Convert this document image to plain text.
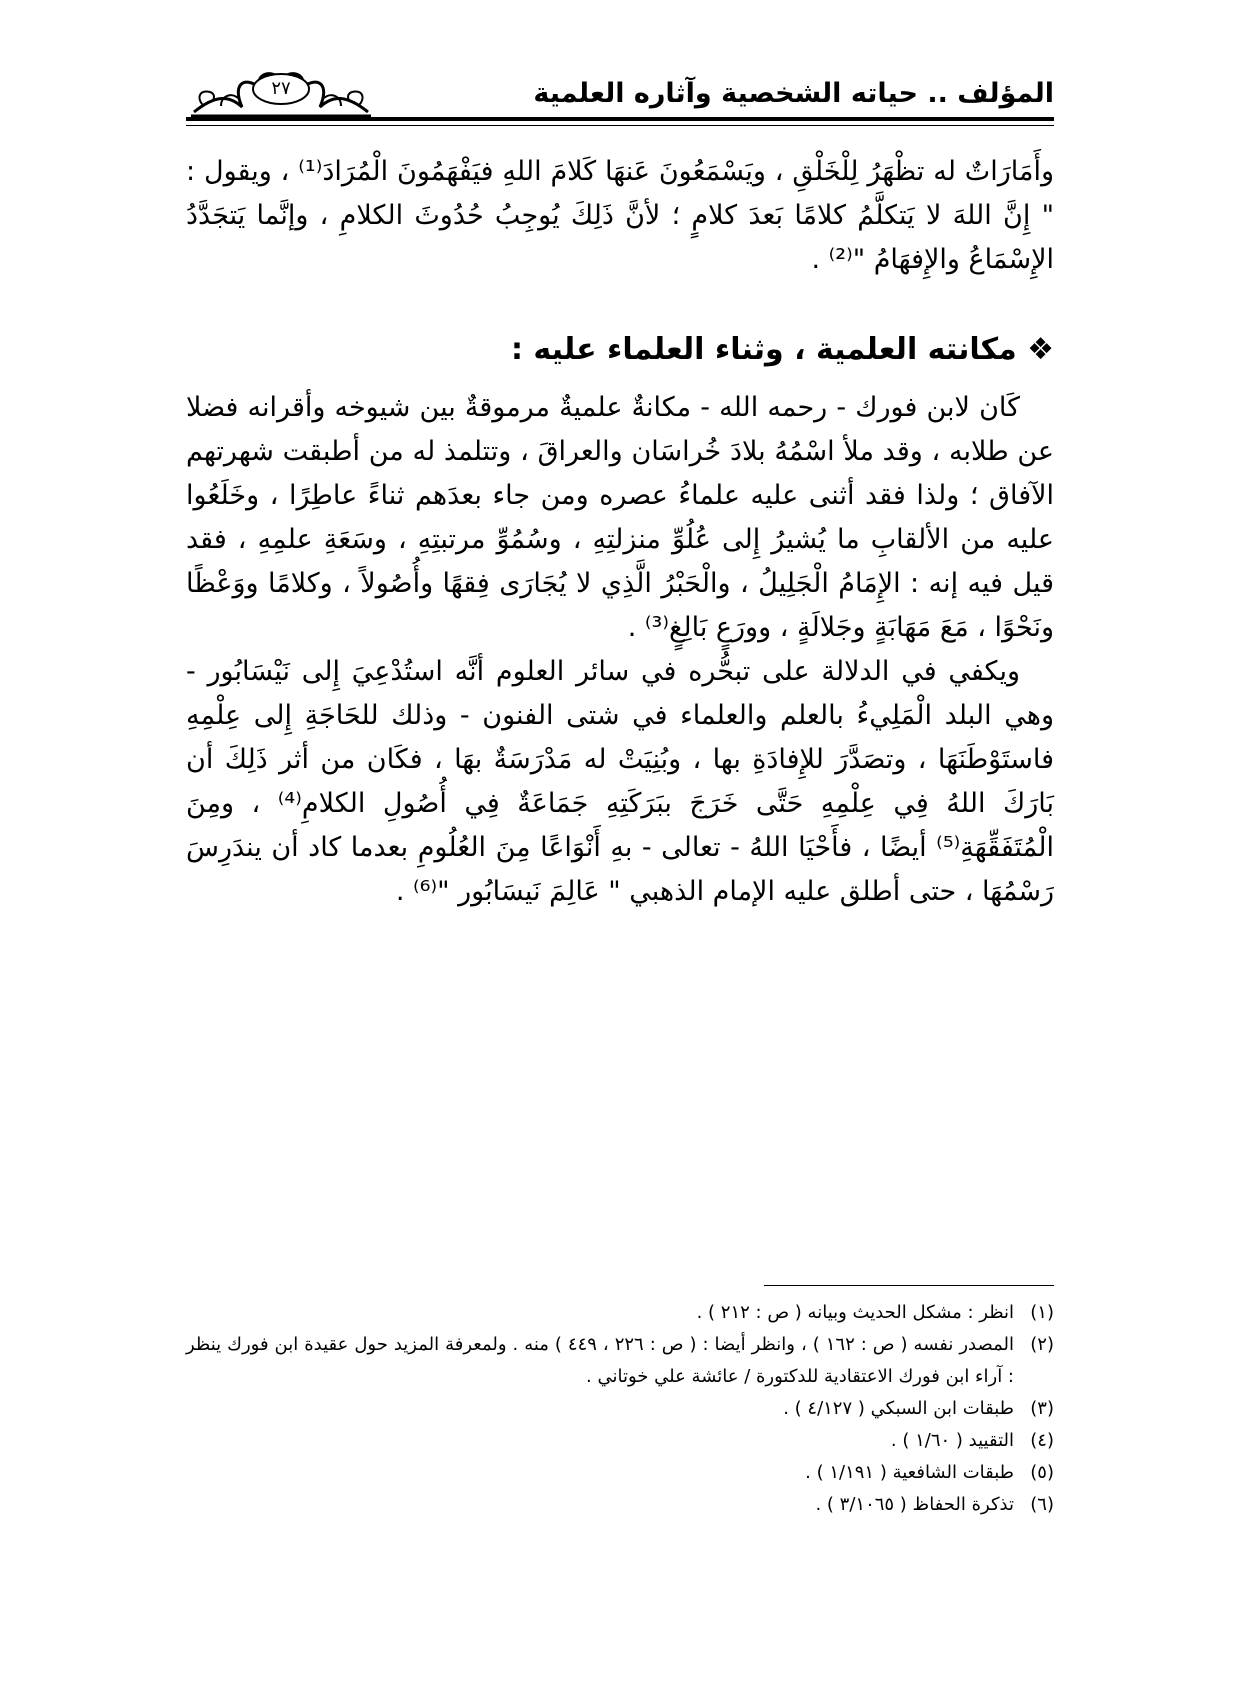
المؤلف .. حياته الشخصية وآثاره العلمية
٢٧

وأَمَارَاتٌ له تظْهَرُ لِلْخَلْقِ ، ويَسْمَعُونَ عَنهَا كَلامَ اللهِ فيَفْهَمُونَ الْمُرَادَ⁽¹⁾ ، ويقول : " إِنَّ اللهَ لا يَتكلَّمُ كلامًا بَعدَ كلامٍ ؛ لأنَّ ذَلِكَ يُوجِبُ حُدُوثَ الكلامِ ، وإنَّما يَتجَدَّدُ الإِسْمَاعُ والإِفهَامُ "⁽²⁾ .

❖ مكانته العلمية ، وثناء العلماء عليه :

كَان لابن فورك - رحمه الله - مكانةٌ علميةٌ مرموقةٌ بين شيوخه وأقرانه فضلا عن طلابه ، وقد ملأ اسْمُهُ بلادَ خُراسَان والعراقَ ، وتتلمذ له من أطبقت شهرتهم الآفاق ؛ ولذا فقد أثنى عليه علماءُ عصره ومن جاء بعدَهم ثناءً عاطِرًا ، وخَلَعُوا عليه من الألقابِ ما يُشيرُ إِلى عُلُوِّ منزلتِهِ ، وسُمُوِّ مرتبتِهِ ، وسَعَةِ علمِهِ ، فقد قيل فيه إنه : الإِمَامُ الْجَلِيلُ ، والْحَبْرُ الَّذِي لا يُجَارَى فِقهًا وأُصُولاً ، وكلامًا ووَعْظًا ونَحْوًا ، مَعَ مَهَابَةٍ وجَلالَةٍ ، وورَعٍ بَالِغٍ⁽³⁾ .

ويكفي في الدلالة على تبحُّره في سائر العلوم أنَّه استُدْعِيَ إِلى نَيْسَابُور - وهي البلد الْمَلِيءُ بالعلم والعلماء في شتى الفنون - وذلك للحَاجَةِ إِلى عِلْمِهِ فاستَوْطَنَهَا ، وتصَدَّرَ للإِفادَةِ بها ، وبُنِيَتْ له مَدْرَسَةٌ بهَا ، فكَان من أثر ذَلِكَ أن بَارَكَ اللهُ فِي عِلْمِهِ حَتَّى خَرَجَ ببَرَكَتِهِ جَمَاعَةٌ فِي أُصُولِ الكلامِ⁽⁴⁾ ، ومِنَ الْمُتَفَقِّهَةِ⁽⁵⁾ أيضًا ، فأَحْيَا اللهُ - تعالى - بهِ أَنْوَاعًا مِنَ العُلُومِ بعدما كاد أن يندَرِسَ رَسْمُهَا ، حتى أطلق عليه الإمام الذهبي " عَالِمَ نَيسَابُور "⁽⁶⁾ .

(١)
انظر : مشكل الحديث وبيانه ( ص : ٢١٢ ) .

(٢)
المصدر نفسه ( ص : ١٦٢ ) ، وانظر أيضا : ( ص : ٢٢٦ ، ٤٤٩ ) منه . ولمعرفة المزيد حول عقيدة ابن فورك ينظر : آراء ابن فورك الاعتقادية للدكتورة / عائشة علي خوتاني .

(٣)
طبقات ابن السبكي ( ٤/١٢٧ ) .

(٤)
التقييد ( ١/٦٠ ) .

(٥)
طبقات الشافعية ( ١/١٩١ ) .

(٦)
تذكرة الحفاظ ( ٣/١٠٦٥ ) .
